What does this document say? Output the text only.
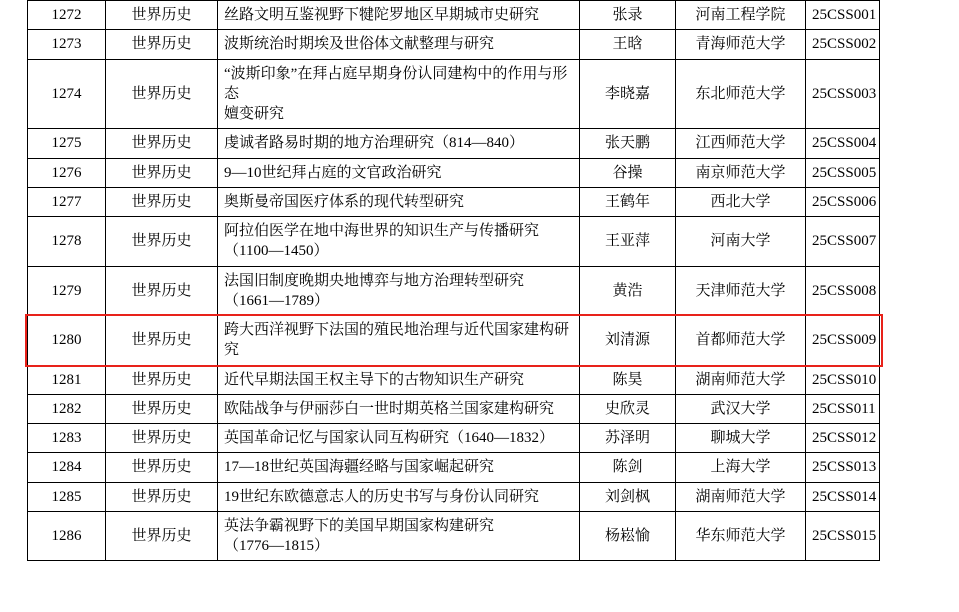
1272	世界历史	丝路文明互鉴视野下犍陀罗地区早期城市史研究	张录	河南工程学院	25CSS001
1273	世界历史	波斯统治时期埃及世俗体文献整理与研究	王晗	青海师范大学	25CSS002
1274	世界历史	“波斯印象”在拜占庭早期身份认同建构中的作用与形态
嬗变研究	李晓嘉	东北师范大学	25CSS003
1275	世界历史	虔诚者路易时期的地方治理研究（814—840）	张天鹏	江西师范大学	25CSS004
1276	世界历史	9—10世纪拜占庭的文官政治研究	谷操	南京师范大学	25CSS005
1277	世界历史	奥斯曼帝国医疗体系的现代转型研究	王鹤年	西北大学	25CSS006
1278	世界历史	阿拉伯医学在地中海世界的知识生产与传播研究
（1100—1450）	王亚萍	河南大学	25CSS007
1279	世界历史	法国旧制度晚期央地博弈与地方治理转型研究
（1661—1789）	黄浩	天津师范大学	25CSS008
1280	世界历史	跨大西洋视野下法国的殖民地治理与近代国家建构研究	刘清源	首都师范大学	25CSS009
1281	世界历史	近代早期法国王权主导下的古物知识生产研究	陈昊	湖南师范大学	25CSS010
1282	世界历史	欧陆战争与伊丽莎白一世时期英格兰国家建构研究	史欣灵	武汉大学	25CSS011
1283	世界历史	英国革命记忆与国家认同互构研究（1640—1832）	苏泽明	聊城大学	25CSS012
1284	世界历史	17—18世纪英国海疆经略与国家崛起研究	陈剑	上海大学	25CSS013
1285	世界历史	19世纪东欧德意志人的历史书写与身份认同研究	刘剑枫	湖南师范大学	25CSS014
1286	世界历史	英法争霸视野下的美国早期国家构建研究
（1776—1815）	杨崧愉	华东师范大学	25CSS015
